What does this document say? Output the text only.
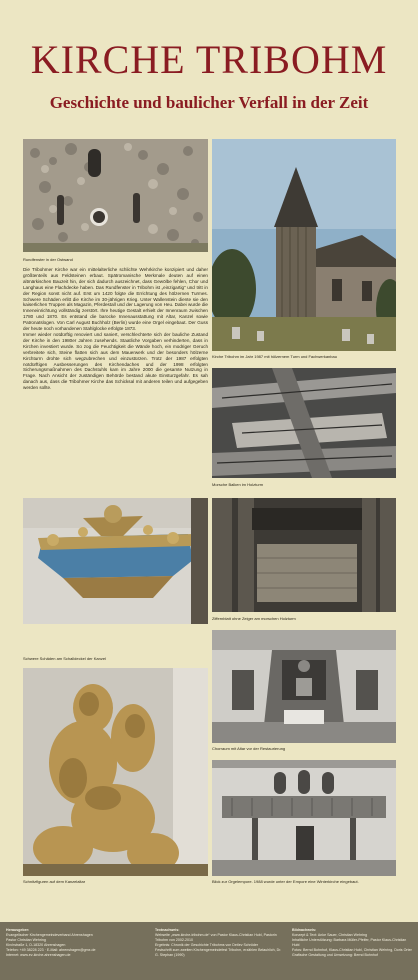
KIRCHE TRIBOHM
Geschichte und baulicher Verfall in der Zeit
Rundfenster in der Ostwand
Kirche Tribohm im Jahr 1987 mit hölzernem Turm und Fachwerkanbau

Die Tribohmer Kirche war ein mittelalterliche schlichte Wehrkirche konzipiert und daher größtenteils aus Feldsteinen erbaut. Spätromanische Merkmale deuten auf einen altmärkischen Bauzeit hin, der sich dadurch auszeichnet, dass Gewölbe fehlen, Chor und Langhaus eine Flachdecke haben. Das Rundfenster in Tribohm ist „einzigartig“ und tritt in der Region sonst nicht auf. Erst um 1420 folgte die Errichtung des hölzernen Turmes. Schwere Schäden erlitt die Kirche im 30-jährigen Krieg. Unter Wallenstein diente sie den kaiserlichen Truppen als Magazin, Pferdestall und der Lagerung von Heu. Dabei wurde die Inneneinrichtung vollständig zerstört. Ihre heutige Gestalt erhielt der Innenraum zwischen 1780 und 1870. Es entstand die barocke Innenausstattung mit Altar, Kanzel sowie Patronatslogen. Von Carl August Buchholz (Berlin) wurde eine Orgel eingebaut. Der Guss der heute noch vorhandenen Stahlglocke erfolgte 1873.

Immer wieder notdürftig renoviert und saniert, verschlechterte sich der bauliche Zustand der Kirche in den 1980er Jahren zusehends. Staatliche Vorgaben verhinderten, dass in Kirchen investiert wurde. So zog die Feuchtigkeit die Wände hoch, ein modriger Geruch verbreitete sich, Steine flatten sich aus dem Mauerwerk und der besonders hölzerne Kirchturm drohte sich wegzubrechen und einzustürzen. Trotz der 1987 erfolgten notdürftigen Ausbesserungen des Kirchendaches und der 1998 erfolgten Sicherungsmaßnahmen des Dachstuhls kam im Jahre 2000 die gesamte Nutzung in Frage. Nach Ansicht der zuständigen Behörde bestand akute Einsturzgefahr. Es sah danach aus, dass die Tribohmer Kirche das Schicksal mit anderen teilen und aufgegeben werden sollte.

Morsche Balken im Holzturm
Schwere Schäden am Schalldeckel der Kanzel
Ziffernblatt ohne Zeiger am morschen Holzturm
Chorraum mit Altar vor der Restaurierung
Schnitzfiguren auf dem Kanzelaltar	Blick zur Orgelempore. 1988 wurde unter der Empore eine Winterkirche eingebaut.
Herausgeber:
Evangelischer Kirchengemeindeverband Ahrenshagen
Pastor Christian Wehring
Kirchstraße 1, D-18320 Ahrenshagen
Telefon: +49 38228 223 · E-Mail: ahrenshagen@gmx.de
Internet: www.ev-kirche-ahrenshagen.de
Textnachweis:
Webseite „www.kirche-tribohm.de“ von Pastor Klaus-Christian Hubl, Pastorin Tribohm von 2002-2010
Ergebnis: Chronik der Geschichte Tribohms von Detlev Schröder
Festschrift zum zweiten Kirchengemeindefest Tribohm, erzählen Belauhlich, Dr. G. Stephan (1990)
Bildnachweis:
Konzept & Text: Anke Sauer, Christian Wehring
Inhaltliche Unterstützung: Barbara Müller-Pfeifer, Pastor Klaus-Christian Hubl
Fotos: Bernd Bohnhof, Klaus-Christian Hubl, Christian Wehring, Doris Orter
Grafische Gestaltung und Umsetzung: Bernd Bohnhof
